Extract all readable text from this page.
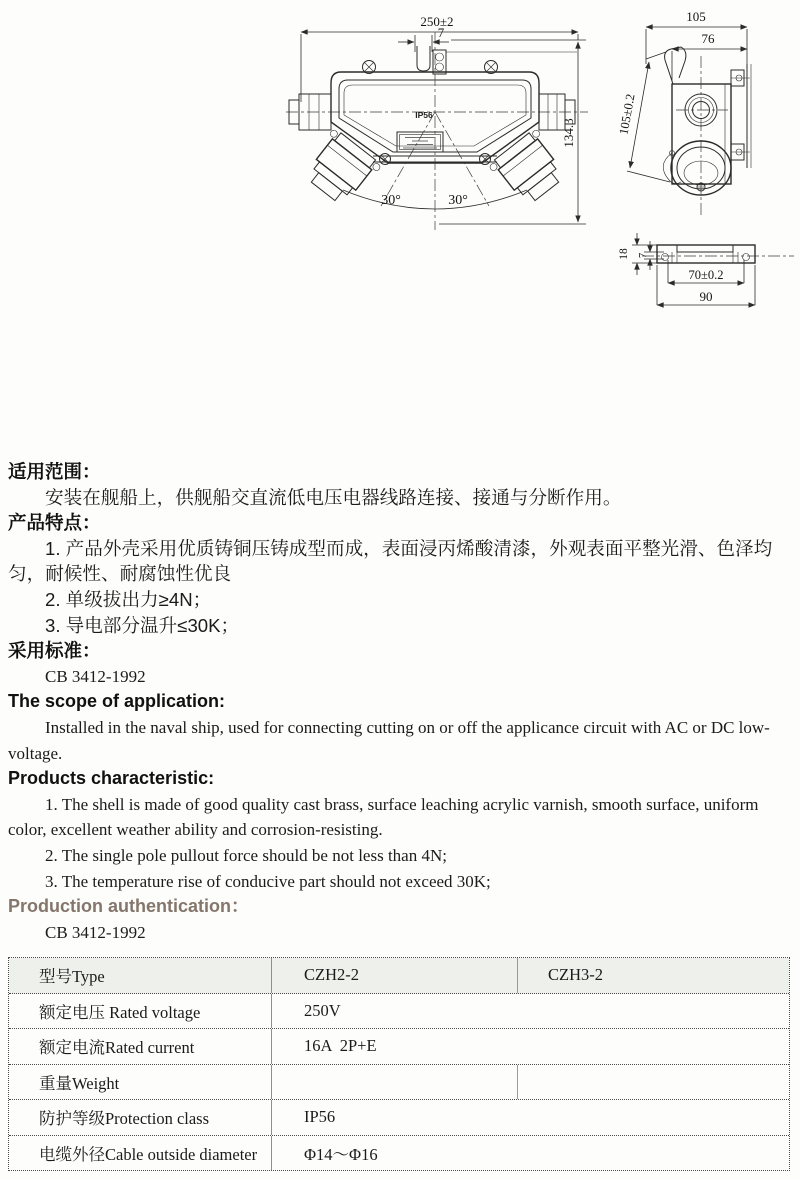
250±2
7
134.3
IP56
30°	30°
105
76
105±0.2
18 7
70±0.2
90
适用范围：

安装在舰船上，供舰船交直流低电压电器线路连接、接通与分断作用。

产品特点：

1. 产品外壳采用优质铸铜压铸成型而成，表面浸丙烯酸清漆，外观表面平整光滑、色泽均匀，耐候性、耐腐蚀性优良

2. 单级拔出力≥4N；

3. 导电部分温升≤30K；

采用标准：

CB 3412-1992

The scope of application:

Installed in the naval ship, used for connecting cutting on or off the applicance circuit with AC or DC low-voltage.

Products characteristic:

1. The shell is made of good quality cast brass, surface leaching acrylic varnish, smooth surface, uniform color, excellent weather ability and corrosion-resisting.

2. The single pole pullout force should be not less than 4N;

3. The temperature rise of conducive part should not exceed 30K;

Production authentication：

CB 3412-1992

型号Type	CZH2-2	CZH3-2
额定电压 Rated voltage	250V
额定电流Rated current	16A  2P+E
重量Weight
防护等级Protection class	IP56
电缆外径Cable outside diameter	Φ14～Φ16
